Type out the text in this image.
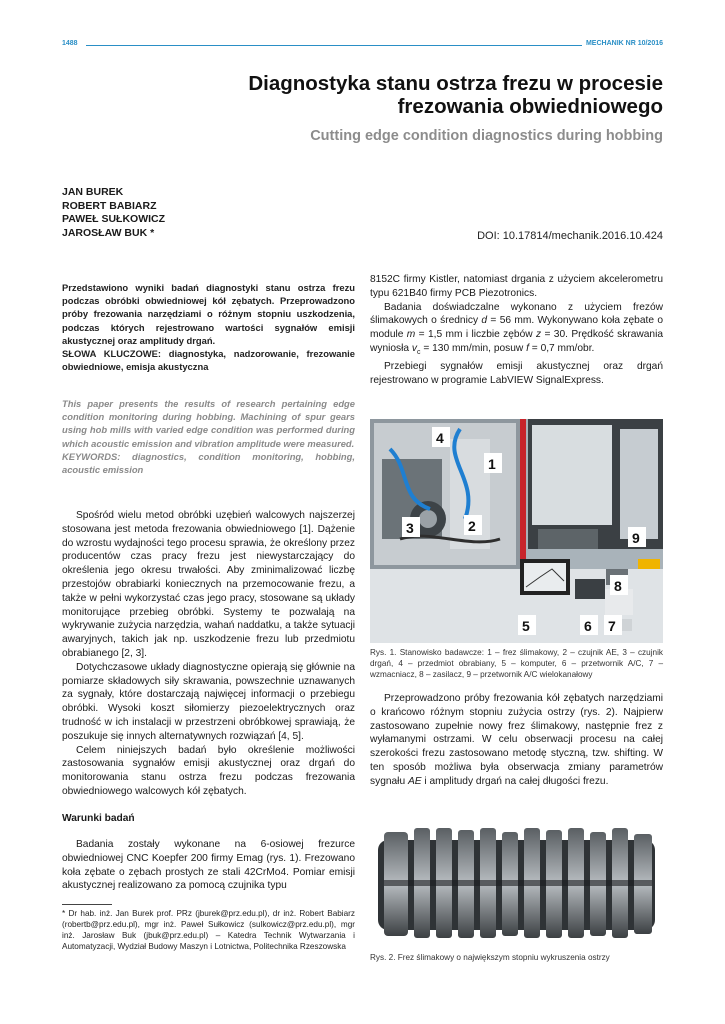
1488	MECHANIK NR 10/2016
Diagnostyka stanu ostrza frezu w procesie
frezowania obwiedniowego
Cutting edge condition diagnostics during hobbing
JAN BUREK
ROBERT BABIARZ
PAWEŁ SUŁKOWICZ
JAROSŁAW BUK *	DOI: 10.17814/mechanik.2016.10.424
Przedstawiono wyniki badań diagnostyki stanu ostrza frezu podczas obróbki obwiedniowej kół zębatych. Przeprowadzono próby frezowania narzędziami o różnym stopniu uszkodzenia, podczas których rejestrowano wartości sygnałów emisji akustycznej oraz amplitudy drgań.
SŁOWA KLUCZOWE: diagnostyka, nadzorowanie, frezowanie obwiedniowe, emisja akustyczna
This paper presents the results of research pertaining edge condition monitoring during hobbing. Machining of spur gears using hob mills with varied edge condition was performed during which acoustic emission and vibration amplitude were measured.
KEYWORDS: diagnostics, condition monitoring, hobbing, acoustic emission

Spośród wielu metod obróbki uzębień walcowych najszerzej stosowana jest metoda frezowania obwiedniowego [1]. Dążenie do wzrostu wydajności tego procesu sprawia, że określony przez producentów czas pracy frezu jest niewystarczający do określenia jego okresu trwałości. Aby zminimalizować liczbę przestojów obrabiarki koniecznych na przemocowanie frezu, a także w pełni wykorzystać czas jego pracy, stosowane są układy monitorujące przebieg obróbki. Systemy te pozwalają na wykrywanie zużycia narzędzia, wahań naddatku, a także sytuacji awaryjnych, takich jak np. uszkodzenie frezu lub przedmiotu obrabianego [2, 3].

Dotychczasowe układy diagnostyczne opierają się głównie na pomiarze składowych siły skrawania, powszechnie uznawanych za sygnały, które dostarczają najwięcej informacji o przebiegu obróbki. Wysoki koszt siłomierzy piezoelektrycznych oraz trudność w ich instalacji w przestrzeni obróbkowej sprawiają, że poszukuje się innych alternatywnych rozwiązań [4, 5].

Celem niniejszych badań było określenie możliwości zastosowania sygnałów emisji akustycznej oraz drgań do monitorowania stanu ostrza frezu podczas frezowania obwiedniowego walcowych kół zębatych.

Warunki badań

Badania zostały wykonane na 6-osiowej frezurce obwiedniowej CNC Koepfer 200 firmy Emag (rys. 1). Frezowano koła zębate o zębach prostych ze stali 42CrMo4. Pomiar emisji akustycznej realizowano za pomocą czujnika typu

* Dr hab. inż. Jan Burek prof. PRz (jburek@prz.edu.pl), dr inż. Robert Babiarz (robertb@prz.edu.pl), mgr inż. Paweł Sułkowicz (sulkowicz@prz.edu.pl), mgr inż. Jarosław Buk (jbuk@prz.edu.pl) – Katedra Technik Wytwarzania i Automatyzacji, Wydział Budowy Maszyn i Lotnictwa, Politechnika Rzeszowska

8152C firmy Kistler, natomiast drgania z użyciem akcelerometru typu 621B40 firmy PCB Piezotronics.

Badania doświadczalne wykonano z użyciem frezów ślimakowych o średnicy d = 56 mm. Wykonywano koła zębate o module m = 1,5 mm i liczbie zębów z = 30. Prędkość skrawania wyniosła $v_c = 130$ mm/min, posuw f = 0,7 mm/obr.

Przebiegi sygnałów emisji akustycznej oraz drgań rejestrowano w programie LabVIEW SignalExpress.

4
1
3	2
9
8
5	6 7
Rys. 1. Stanowisko badawcze: 1 – frez ślimakowy, 2 – czujnik AE, 3 – czujnik drgań, 4 – przedmiot obrabiany, 5 – komputer, 6 – przetwornik A/C, 7 – wzmacniacz, 8 – zasilacz, 9 – przetwornik A/C wielokanałowy

Przeprowadzono próby frezowania kół zębatych narzędziami o krańcowo różnym stopniu zużycia ostrzy (rys. 2). Najpierw zastosowano zupełnie nowy frez ślimakowy, następnie frez z wyłamanymi ostrzami. W celu obserwacji procesu na całej szerokości frezu zastosowano metodę styczną, tzw. shifting. W ten sposób możliwa była obserwacja zmiany parametrów sygnału AE i amplitudy drgań na całej długości frezu.

Rys. 2. Frez ślimakowy o największym stopniu wykruszenia ostrzy
